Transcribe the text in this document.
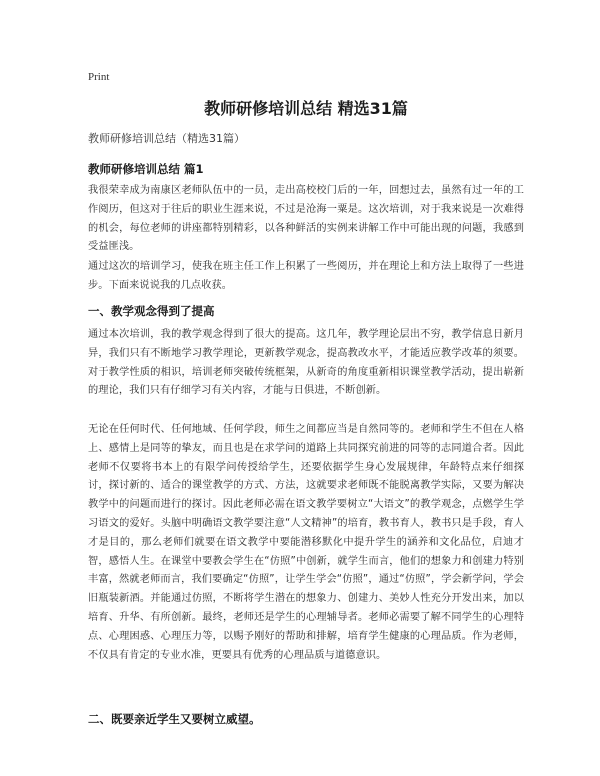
Print
教师研修培训总结 精选31篇
教师研修培训总结（精选31篇）
教师研修培训总结 篇1

我很荣幸成为南康区老师队伍中的一员，走出高校校门后的一年，回想过去，虽然有过一年的工作阅历，但这对于往后的职业生涯来说，不过是沧海一粟是。这次培训，对于我来说是一次难得的机会，每位老师的讲座都特别精彩，以各种鲜活的实例来讲解工作中可能出现的问题，我感到受益匪浅。

通过这次的培训学习，使我在班主任工作上积累了一些阅历，并在理论上和方法上取得了一些进步。下面来说说我的几点收获。

一、教学观念得到了提高

通过本次培训，我的教学观念得到了很大的提高。这几年，教学理论层出不穷，教学信息日新月异，我们只有不断地学习教学理论，更新教学观念，提高教改水平，才能适应教学改革的须要。对于教学性质的相识，培训老师突破传统框架，从新奇的角度重新相识课堂教学活动，提出崭新的理论，我们只有仔细学习有关内容，才能与日俱进，不断创新。

无论在任何时代、任何地域、任何学段，师生之间都应当是自然同等的。老师和学生不但在人格上、感情上是同等的挚友，而且也是在求学问的道路上共同探究前进的同等的志同道合者。因此老师不仅要将书本上的有限学问传授给学生，还要依据学生身心发展规律，年龄特点来仔细探讨，探讨新的、适合的课堂教学的方式、方法，这就要求老师既不能脱离教学实际，又要为解决教学中的问题而进行的探讨。因此老师必需在语文教学要树立“大语文”的教学观念，点燃学生学习语文的爱好。头脑中明确语文教学要注意“人文精神”的培育，教书育人，教书只是手段，育人才是目的，那么老师们就要在语文教学中要能潜移默化中提升学生的涵养和文化品位，启迪才智，感悟人生。在课堂中要教会学生在“仿照”中创新，就学生而言，他们的想象力和创建力特别丰富，然就老师而言，我们要确定“仿照”，让学生学会“仿照”，通过“仿照”，学会新学问，学会旧瓶装新酒。并能通过仿照，不断将学生潜在的想象力、创建力、美妙人性充分开发出来，加以培育、升华、有所创新。最终，老师还是学生的心理辅导者。老师必需要了解不同学生的心理特点、心理困惑、心理压力等，以赐予刚好的帮助和排解，培育学生健康的心理品质。作为老师，不仅具有肯定的专业水准，更要具有优秀的心理品质与道德意识。

二、既要亲近学生又要树立威望。
